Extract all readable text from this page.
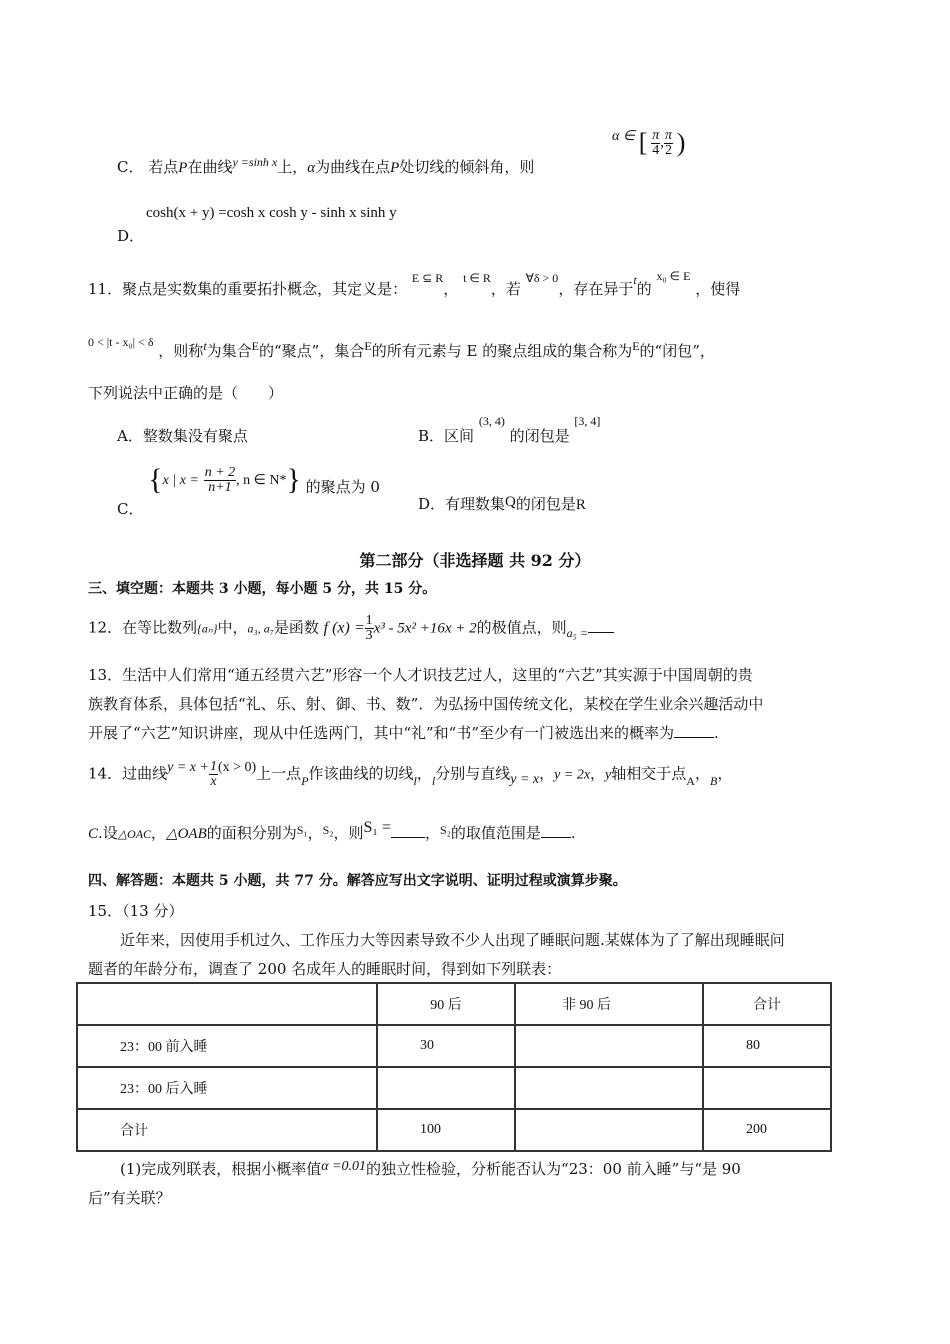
C． 若点P在曲线$^{y =sinh x}$上，α为曲线在点P处切线的倾斜角，则
α ∈ [ $\frac{\pi}{4}$ , $\frac{\pi}{2}$ )
cosh(x + y) =cosh x cosh y - sinh x sinh y
D．
11．聚点是实数集的重要拓扑概念，其定义是： $^{E ⊆ R}$， $^{t \in R}$，若 $^{\forall\delta > 0}$，存在异于$^t$的 $^{x_0 \in E}$ ，使得
$^{0 < |t - x_0| < \delta}$ ，则称$^t$为集合$^E$的“聚点”，集合$^E$的所有元素与 E 的聚点组成的集合称为$^E$的“闭包”，
下列说法中正确的是（　　）
A．整数集没有聚点	B．区间 $^{(3, 4)}$ 的闭包是 [3, 4]
C． {x | $x = \frac{n + 2}{n+1}$ , n ∈ N*} 的聚点为 0
D．有理数集Q的闭包是R
第二部分（非选择题 共 92 分）
三、填空题：本题共 3 小题，每小题 5 分，共 15 分。
12．在等比数列{aₙ}中，a₃, a₇是函数 f $(x) = \frac{1}{3} x^3 - 5x^2 +16x + 2$的极值点，则$_{a_5 =}$
13．生活中人们常用“通五经贯六艺”形容一个人才识技艺过人，这里的“六艺”其实源于中国周朝的贵
族教育体系，具体包括“礼、乐、射、御、书、数”．为弘扬中国传统文化，某校在学生业余兴趣活动中
开展了“六艺”知识讲座，现从中任选两门，其中“礼”和“书”至少有一门被选出来的概率为	.
14．过曲线$y = x + \frac{1}{x} (x > 0)$上一点$_P$作该曲线的切线$_l$，$_l$分别与直线y = x，y = 2x，y轴相交于点$_A$，$_B$，
C.设△OAC，△OAB的面积分别为$^{S_1}$，$^{S_2}$，则S₁ = ，$^{S_2}$的取值范围是 .
四、解答题：本题共 5 小题，共 77 分。解答应写出文字说明、证明过程或演算步聚。
15．（13 分）
近年来，因使用手机过久、工作压力大等因素导致不少人出现了睡眠问题.某媒体为了了解出现睡眠问
题者的年龄分布，调查了 200 名成年人的睡眠时间，得到如下列联表：
	90 后	非 90 后	合计
23：00 前入睡	30		80
23：00 后入睡			
合计	100		200
(1)完成列联表，根据小概率值α =0.01的独立性检验，分析能否认为“23：00 前入睡”与“是 90
后”有关联？
